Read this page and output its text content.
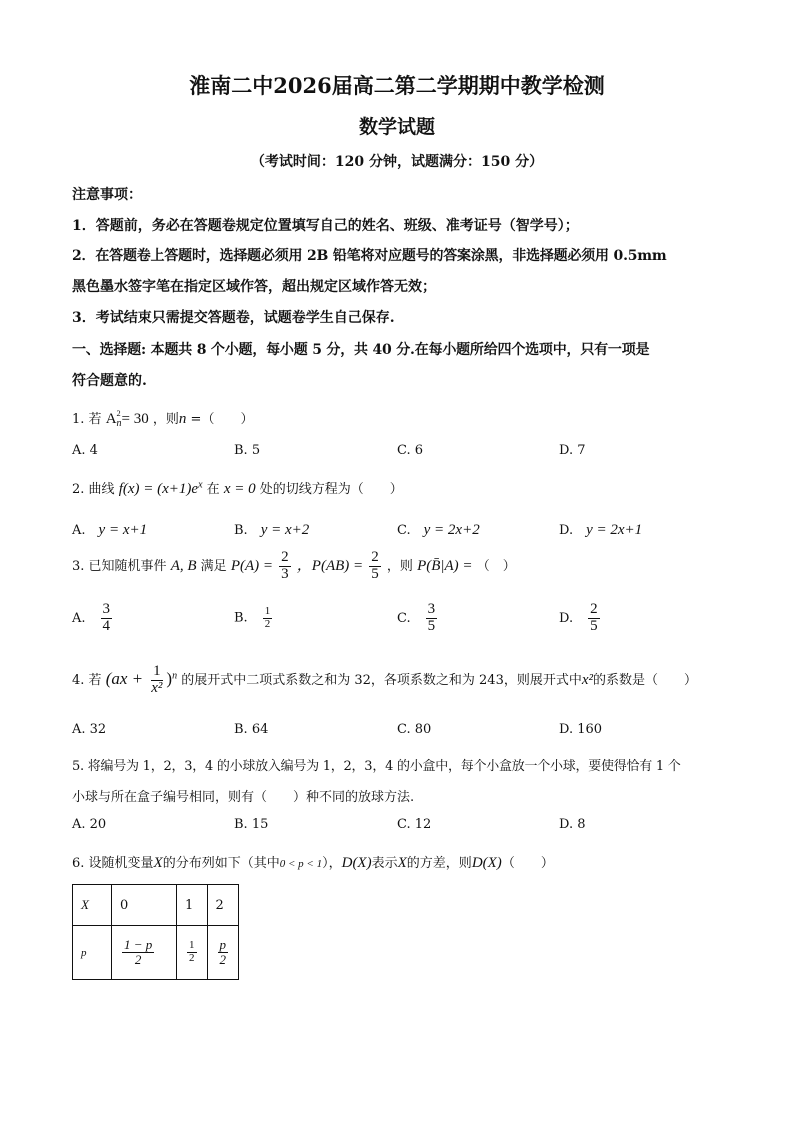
淮南二中2026届高二第二学期期中教学检测
数学试题
（考试时间：120 分钟，试题满分：150 分）
注意事项：
1．答题前，务必在答题卷规定位置填写自己的姓名、班级、准考证号（智学号）；
2．在答题卷上答题时，选择题必须用 2B 铅笔将对应题号的答案涂黑，非选择题必须用 0.5mm
黑色墨水签字笔在指定区域作答，超出规定区域作答无效；
3．考试结束只需提交答题卷，试题卷学生自己保存.
一、选择题: 本题共 8 个小题，每小题 5 分，共 40 分.在每小题所给四个选项中，只有一项是
符合题意的.
1. 若 A 2
n = 30 ，则n =（　　）
A. 4	B. 5	C. 6	D. 7
2. 曲线 $f(x) = (x+1)e^x$ 在 x = 0 处的切线方程为（　　）
A.　 y = x+1	B.　 y = x+2	C.　 y = 2x+2	D.　 y = 2x+1
3. 已知随机事件 A, B 满足 $P(A) = \frac{2}{3}$ ，$P(AB) = \frac{2}{5}$ ，则 P(B̄|A) = （　）
A.　 $\frac{3}{4}$	B.　 $\frac{1}{2}$	C.　 $\frac{3}{5}$	D.　 $\frac{2}{5}$
4. 若 $(ax + \frac{1}{\text{x²}} )^n$ 的展开式中二项式系数之和为 32，各项系数之和为 243，则展开式中x²的系数是（　　）
A. 32	B. 64	C. 80	D. 160
5. 将编号为 1，2，3，4 的小球放入编号为 1，2，3，4 的小盒中，每个小盒放一个小球，要使得恰有 1 个
小球与所在盒子编号相同，则有（　　）种不同的放球方法.
A. 20	B. 15	C. 12	D. 8
6. 设随机变量X的分布列如下（其中0 < p < 1），D(X)表示X的方差，则D(X)（　　）
X	0	1	2
p	$\frac{1 - p}{2}$	$\frac{1}{2}$	$\frac{p}{2}$
